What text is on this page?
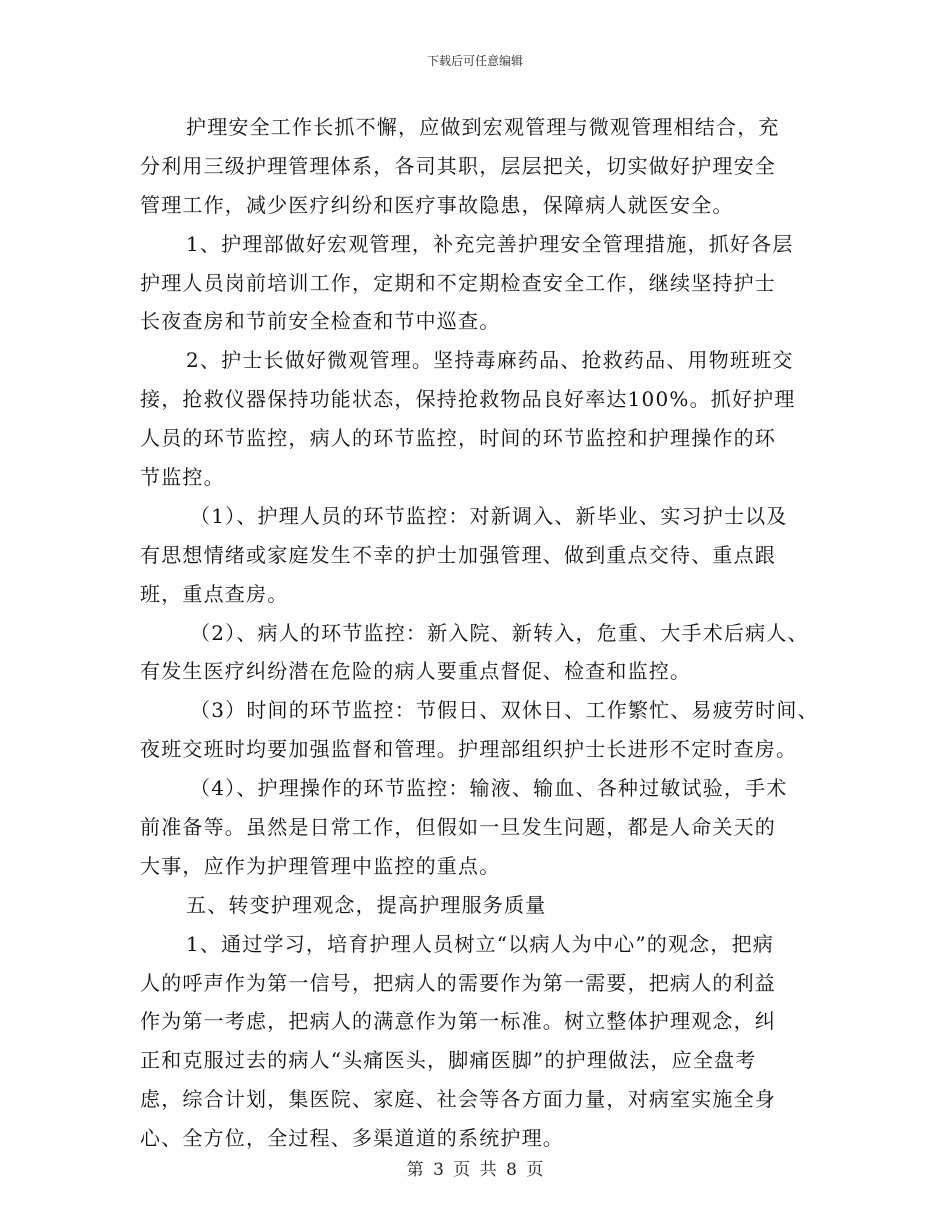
下载后可任意编辑
护理安全工作长抓不懈，应做到宏观管理与微观管理相结合，充
分利用三级护理管理体系，各司其职，层层把关，切实做好护理安全
管理工作，减少医疗纠纷和医疗事故隐患，保障病人就医安全。
1、护理部做好宏观管理，补充完善护理安全管理措施，抓好各层
护理人员岗前培训工作，定期和不定期检查安全工作，继续坚持护士
长夜查房和节前安全检查和节中巡查。
2、护士长做好微观管理。坚持毒麻药品、抢救药品、用物班班交
接，抢救仪器保持功能状态，保持抢救物品良好率达100%。抓好护理
人员的环节监控，病人的环节监控，时间的环节监控和护理操作的环
节监控。
（1）、护理人员的环节监控：对新调入、新毕业、实习护士以及
有思想情绪或家庭发生不幸的护士加强管理、做到重点交待、重点跟
班，重点查房。
（2）、病人的环节监控：新入院、新转入，危重、大手术后病人、
有发生医疗纠纷潜在危险的病人要重点督促、检查和监控。
（3）时间的环节监控：节假日、双休日、工作繁忙、易疲劳时间、
夜班交班时均要加强监督和管理。护理部组织护士长进形不定时查房。
（4）、护理操作的环节监控：输液、输血、各种过敏试验，手术
前准备等。虽然是日常工作，但假如一旦发生问题，都是人命关天的
大事，应作为护理管理中监控的重点。
五、转变护理观念，提高护理服务质量
1、通过学习，培育护理人员树立“以病人为中心”的观念，把病
人的呼声作为第一信号，把病人的需要作为第一需要，把病人的利益
作为第一考虑，把病人的满意作为第一标准。树立整体护理观念，纠
正和克服过去的病人“头痛医头，脚痛医脚”的护理做法，应全盘考
虑，综合计划，集医院、家庭、社会等各方面力量，对病室实施全身
心、全方位，全过程、多渠道道的系统护理。
第 3 页 共 8 页
